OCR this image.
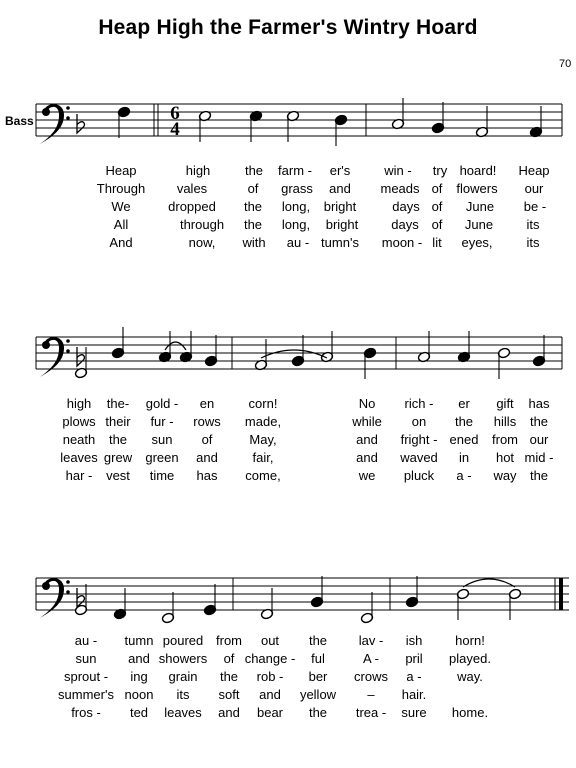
Heap High the Farmer's Wintry Hoard
70
Bass	6
4
Heap	high	the farm - er's	win - try hoard! Heap
Through vales	of grass and meads of flowers our
We	dropped the long, bright	days of June be -
All	through the long, bright	days of June	its
And	now, with au - tumn's moon - lit eyes,	its
high the- gold - en	corn!	No rich - er gift has
plows their fur - rows made,	while on the hills the
neath the sun of	May,	and fright - ened from our
leaves grew green and	fair,	and waved in hot mid -
har - vest time has come,	we pluck a - way the
au - tumn poured from out the lav - ish	horn!
sun and showers of change - ful	A - pril played.
sprout - ing grain the rob - ber crows a -	way.
summer's noon its soft and yellow – hair.
fros - ted leaves and bear the trea - sure home.
